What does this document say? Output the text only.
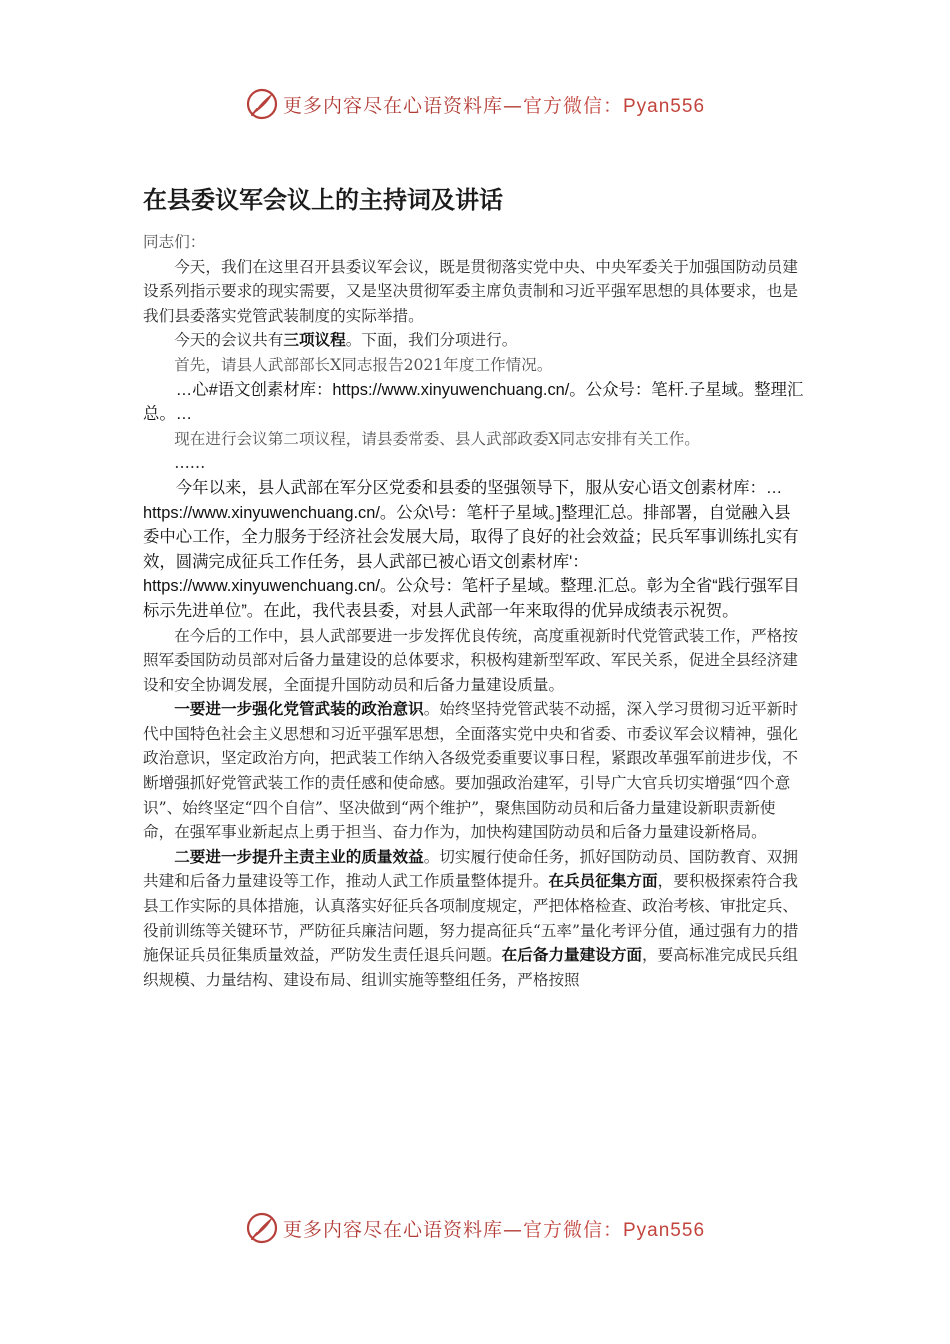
更多内容尽在心语资料库—官方微信：Pyan556
在县委议军会议上的主持词及讲话

同志们：

今天，我们在这里召开县委议军会议，既是贯彻落实党中央、中央军委关于加强国防动员建设系列指示要求的现实需要，又是坚决贯彻军委主席负责制和习近平强军思想的具体要求，也是我们县委落实党管武装制度的实际举措。

今天的会议共有三项议程。下面，我们分项进行。

首先，请县人武部部长X同志报告2021年度工作情况。

…心#语文创素材库：https://www.xinyuwenchuang.cn/。公众号：笔杆.子星域。整理汇总。…

现在进行会议第二项议程，请县委常委、县人武部政委X同志安排有关工作。

……

今年以来，县人武部在军分区党委和县委的坚强领导下，服从安心语文创素材库：…https://www.xinyuwenchuang.cn/。公众\号：笔杆子星域。]整理汇总。排部署，自觉融入县委中心工作，全力服务于经济社会发展大局，取得了良好的社会效益；民兵军事训练扎实有效，圆满完成征兵工作任务，县人武部已被心语文创素材库'：https://www.xinyuwenchuang.cn/。公众号：笔杆子星域。整理.汇总。彰为全省“践行强军目标示先进单位”。在此，我代表县委，对县人武部一年来取得的优异成绩表示祝贺。

在今后的工作中，县人武部要进一步发挥优良传统，高度重视新时代党管武装工作，严格按照军委国防动员部对后备力量建设的总体要求，积极构建新型军政、军民关系，促进全县经济建设和安全协调发展，全面提升国防动员和后备力量建设质量。

一要进一步强化党管武装的政治意识。始终坚持党管武装不动摇，深入学习贯彻习近平新时代中国特色社会主义思想和习近平强军思想，全面落实党中央和省委、市委议军会议精神，强化政治意识，坚定政治方向，把武装工作纳入各级党委重要议事日程，紧跟改革强军前进步伐，不断增强抓好党管武装工作的责任感和使命感。要加强政治建军，引导广大官兵切实增强“四个意识”、始终坚定“四个自信”、坚决做到“两个维护”，聚焦国防动员和后备力量建设新职责新使命，在强军事业新起点上勇于担当、奋力作为，加快构建国防动员和后备力量建设新格局。

二要进一步提升主责主业的质量效益。切实履行使命任务，抓好国防动员、国防教育、双拥共建和后备力量建设等工作，推动人武工作质量整体提升。在兵员征集方面，要积极探索符合我县工作实际的具体措施，认真落实好征兵各项制度规定，严把体格检查、政治考核、审批定兵、役前训练等关键环节，严防征兵廉洁问题，努力提高征兵“五率”量化考评分值，通过强有力的措施保证兵员征集质量效益，严防发生责任退兵问题。在后备力量建设方面，要高标准完成民兵组织规模、力量结构、建设布局、组训实施等整组任务，严格按照

更多内容尽在心语资料库—官方微信：Pyan556
